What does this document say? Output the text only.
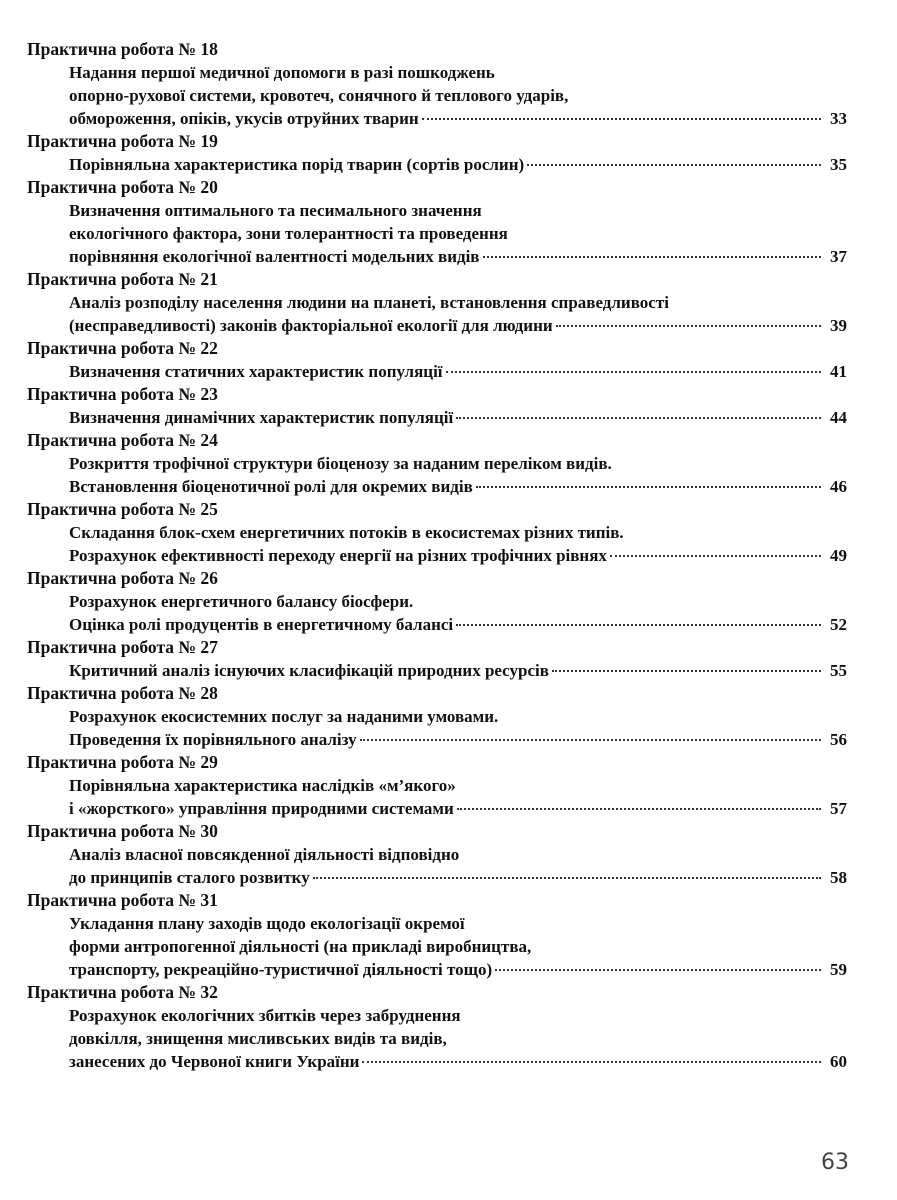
Практична робота № 18
Надання першої медичної допомоги в разі пошкоджень
опорно-рухової системи, кровотеч, сонячного й теплового ударів,
обмороження, опіків, укусів отруйних тварин	33
Практична робота № 19
Порівняльна характеристика порід тварин (сортів рослин)	35
Практична робота № 20
Визначення оптимального та песимального значення
екологічного фактора, зони толерантності та проведення
порівняння екологічної валентності модельних видів	37
Практична робота № 21
Аналіз розподілу населення людини на планеті, встановлення справедливості
(несправедливості) законів факторіальної екології для людини	39
Практична робота № 22
Визначення статичних характеристик популяції	41
Практична робота № 23
Визначення динамічних характеристик популяції	44
Практична робота № 24
Розкриття трофічної структури біоценозу за наданим переліком видів.
Встановлення біоценотичної ролі для окремих видів	46
Практична робота № 25
Складання блок-схем енергетичних потоків в екосистемах різних типів.
Розрахунок ефективності переходу енергії на різних трофічних рівнях	49
Практична робота № 26
Розрахунок енергетичного балансу біосфери.
Оцінка ролі продуцентів в енергетичному балансі	52
Практична робота № 27
Критичний аналіз існуючих класифікацій природних ресурсів	55
Практична робота № 28
Розрахунок екосистемних послуг за наданими умовами.
Проведення їх порівняльного аналізу	56
Практична робота № 29
Порівняльна характеристика наслідків «м’якого»
і «жорсткого» управління природними системами	57
Практична робота № 30
Аналіз власної повсякденної діяльності відповідно
до принципів сталого розвитку	58
Практична робота № 31
Укладання плану заходів щодо екологізації окремої
форми антропогенної діяльності (на прикладі виробництва,
транспорту, рекреаційно-туристичної діяльності тощо)	59
Практична робота № 32
Розрахунок екологічних збитків через забруднення
довкілля, знищення мисливських видів та видів,
занесених до Червоної книги України	60
63
